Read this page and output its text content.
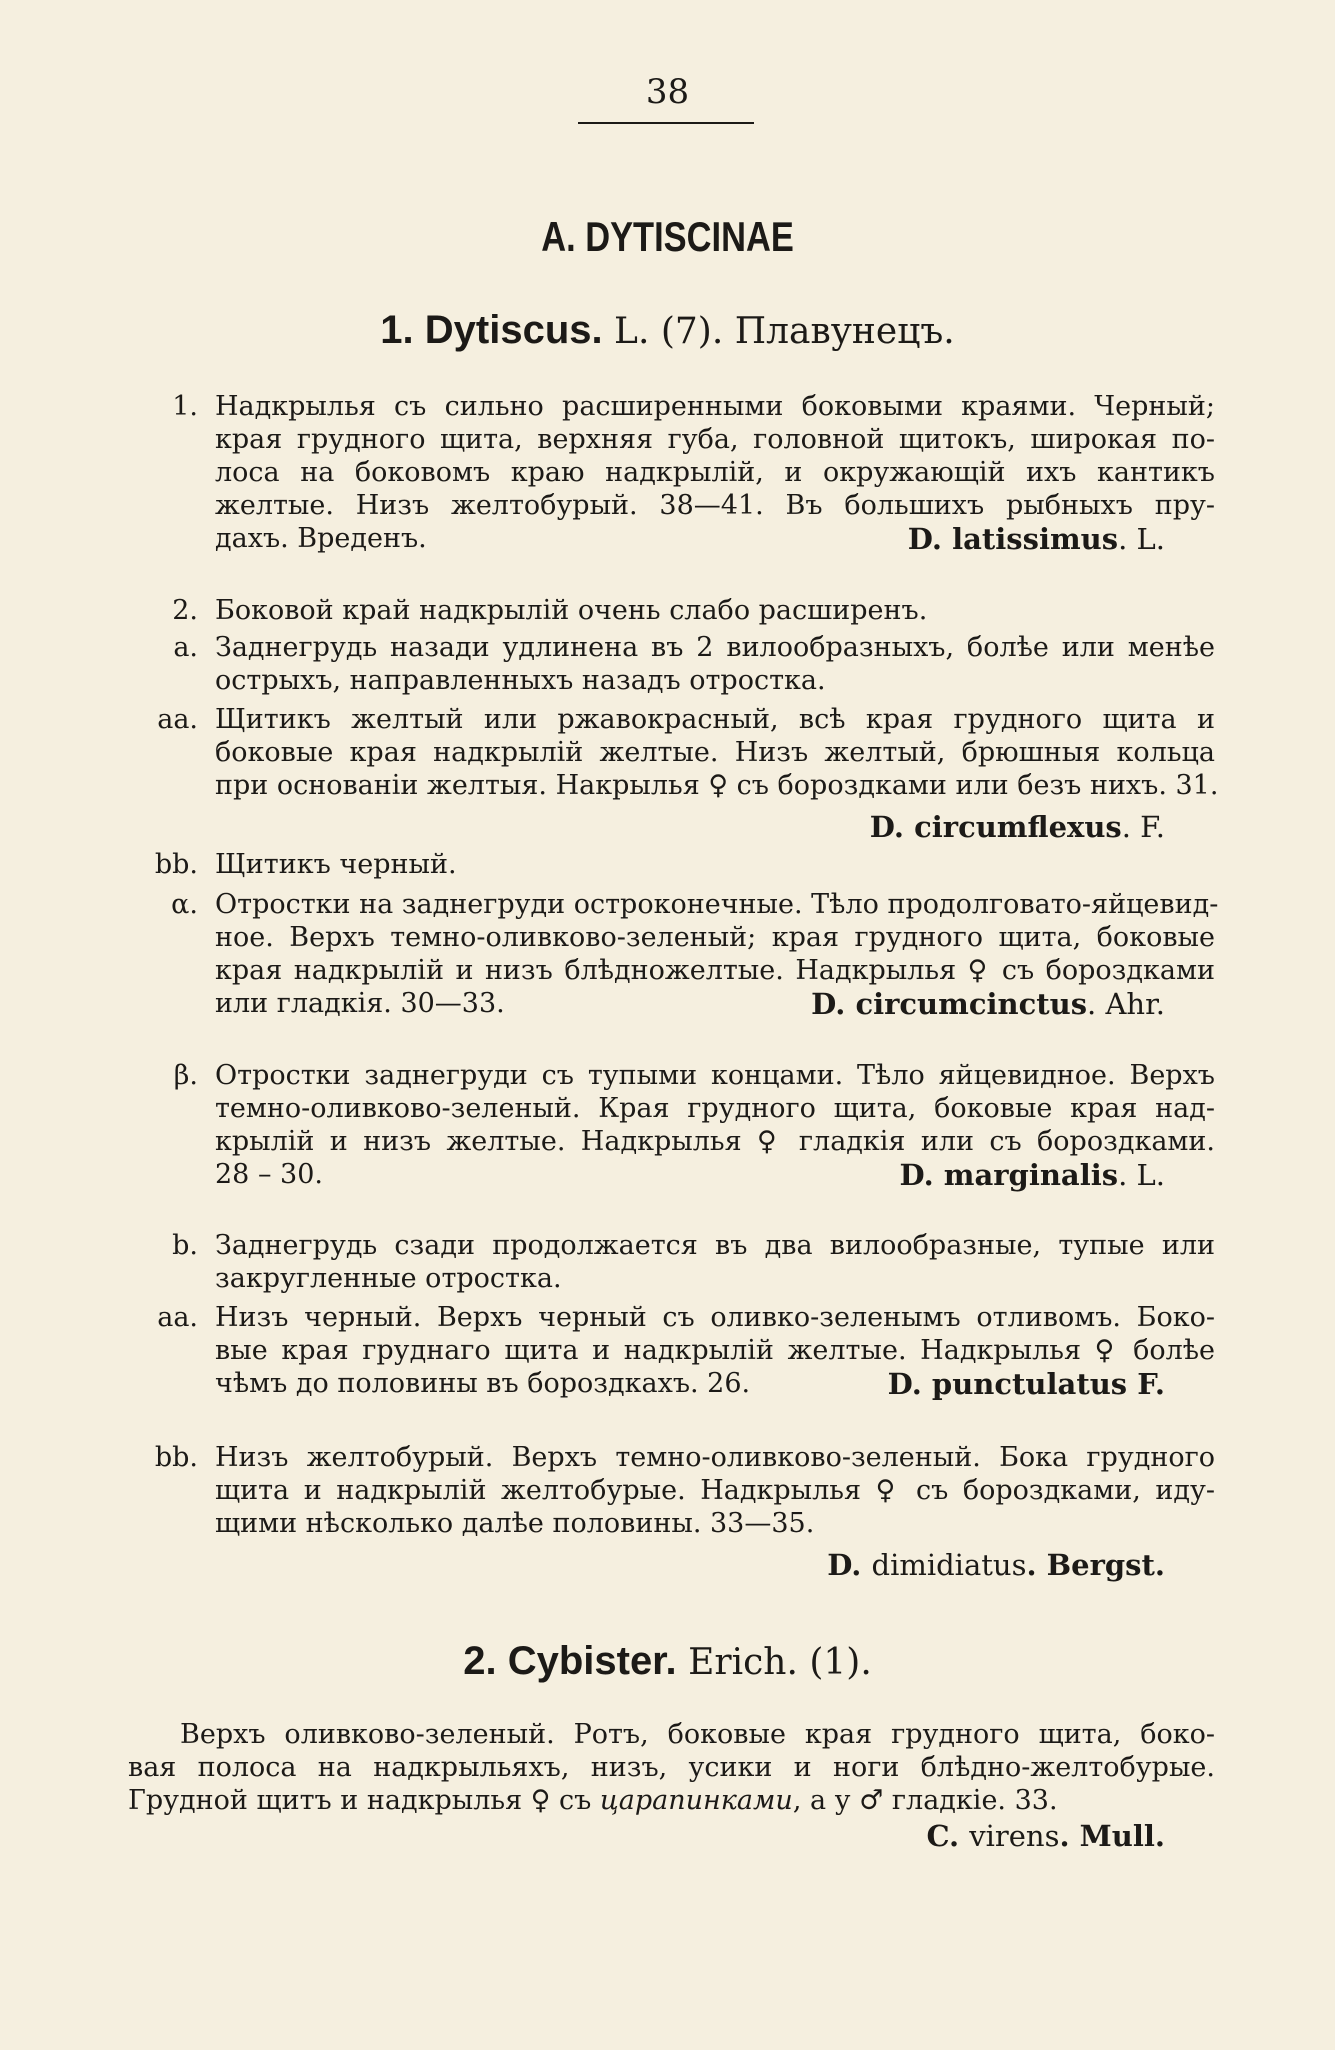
38
A. DYTISCINAE
1. Dytiscus. L. (7). Плавунецъ.
1. Надкрылья съ сильно расширенными боковыми краями. Черный;
края грудного щита, верхняя губа, головной щитокъ, широкая по-
лоса на боковомъ краю надкрылій, и окружающій ихъ кантикъ
желтые. Низъ желтобурый. 38—41. Въ большихъ рыбныхъ пру-
дахъ. Вреденъ.	D. latissimus. L.
2. Боковой край надкрылій очень слабо расширенъ.
a. Заднегрудь назади удлинена въ 2 вилообразныхъ, болѣе или менѣе
острыхъ, направленныхъ назадъ отростка.
aa. Щитикъ желтый или ржавокрасный, всѣ края грудного щита и
боковые края надкрылій желтые. Низъ желтый, брюшныя кольца
при основаніи желтыя. Накрылья ♀ съ бороздками или безъ нихъ. 31.
D. circumflexus. F.
bb. Щитикъ черный.
α. Отростки на заднегруди остроконечные. Тѣло продолговато-яйцевид-
ное. Верхъ темно-оливково-зеленый; края грудного щита, боковые
края надкрылій и низъ блѣдножелтые. Надкрылья ♀ съ бороздками
или гладкія. 30—33.	D. circumcinctus. Ahr.
β. Отростки заднегруди съ тупыми концами. Тѣло яйцевидное. Верхъ
темно-оливково-зеленый. Края грудного щита, боковые края над-
крылій и низъ желтые. Надкрылья ♀ гладкія или съ бороздками.
28 – 30.	D. marginalis. L.
b. Заднегрудь сзади продолжается въ два вилообразные, тупые или
закругленные отростка.
aa. Низъ черный. Верхъ черный съ оливко-зеленымъ отливомъ. Боко-
вые края груднаго щита и надкрылій желтые. Надкрылья ♀ болѣе
чѣмъ до половины въ бороздкахъ. 26.	D. punctulatus F.
bb. Низъ желтобурый. Верхъ темно-оливково-зеленый. Бока грудного
щита и надкрылій желтобурые. Надкрылья ♀ съ бороздками, иду-
щими нѣсколько далѣе половины. 33—35.
D. dimidiatus. Bergst.
2. Cybister. Erich. (1).
Верхъ оливково-зеленый. Ротъ, боковые края грудного щита, боко-
вая полоса на надкрыльяхъ, низъ, усики и ноги блѣдно-желтобурые.
Грудной щитъ и надкрылья ♀ съ царапинками, а у ♂ гладкіе. 33.
C. virens. Mull.
